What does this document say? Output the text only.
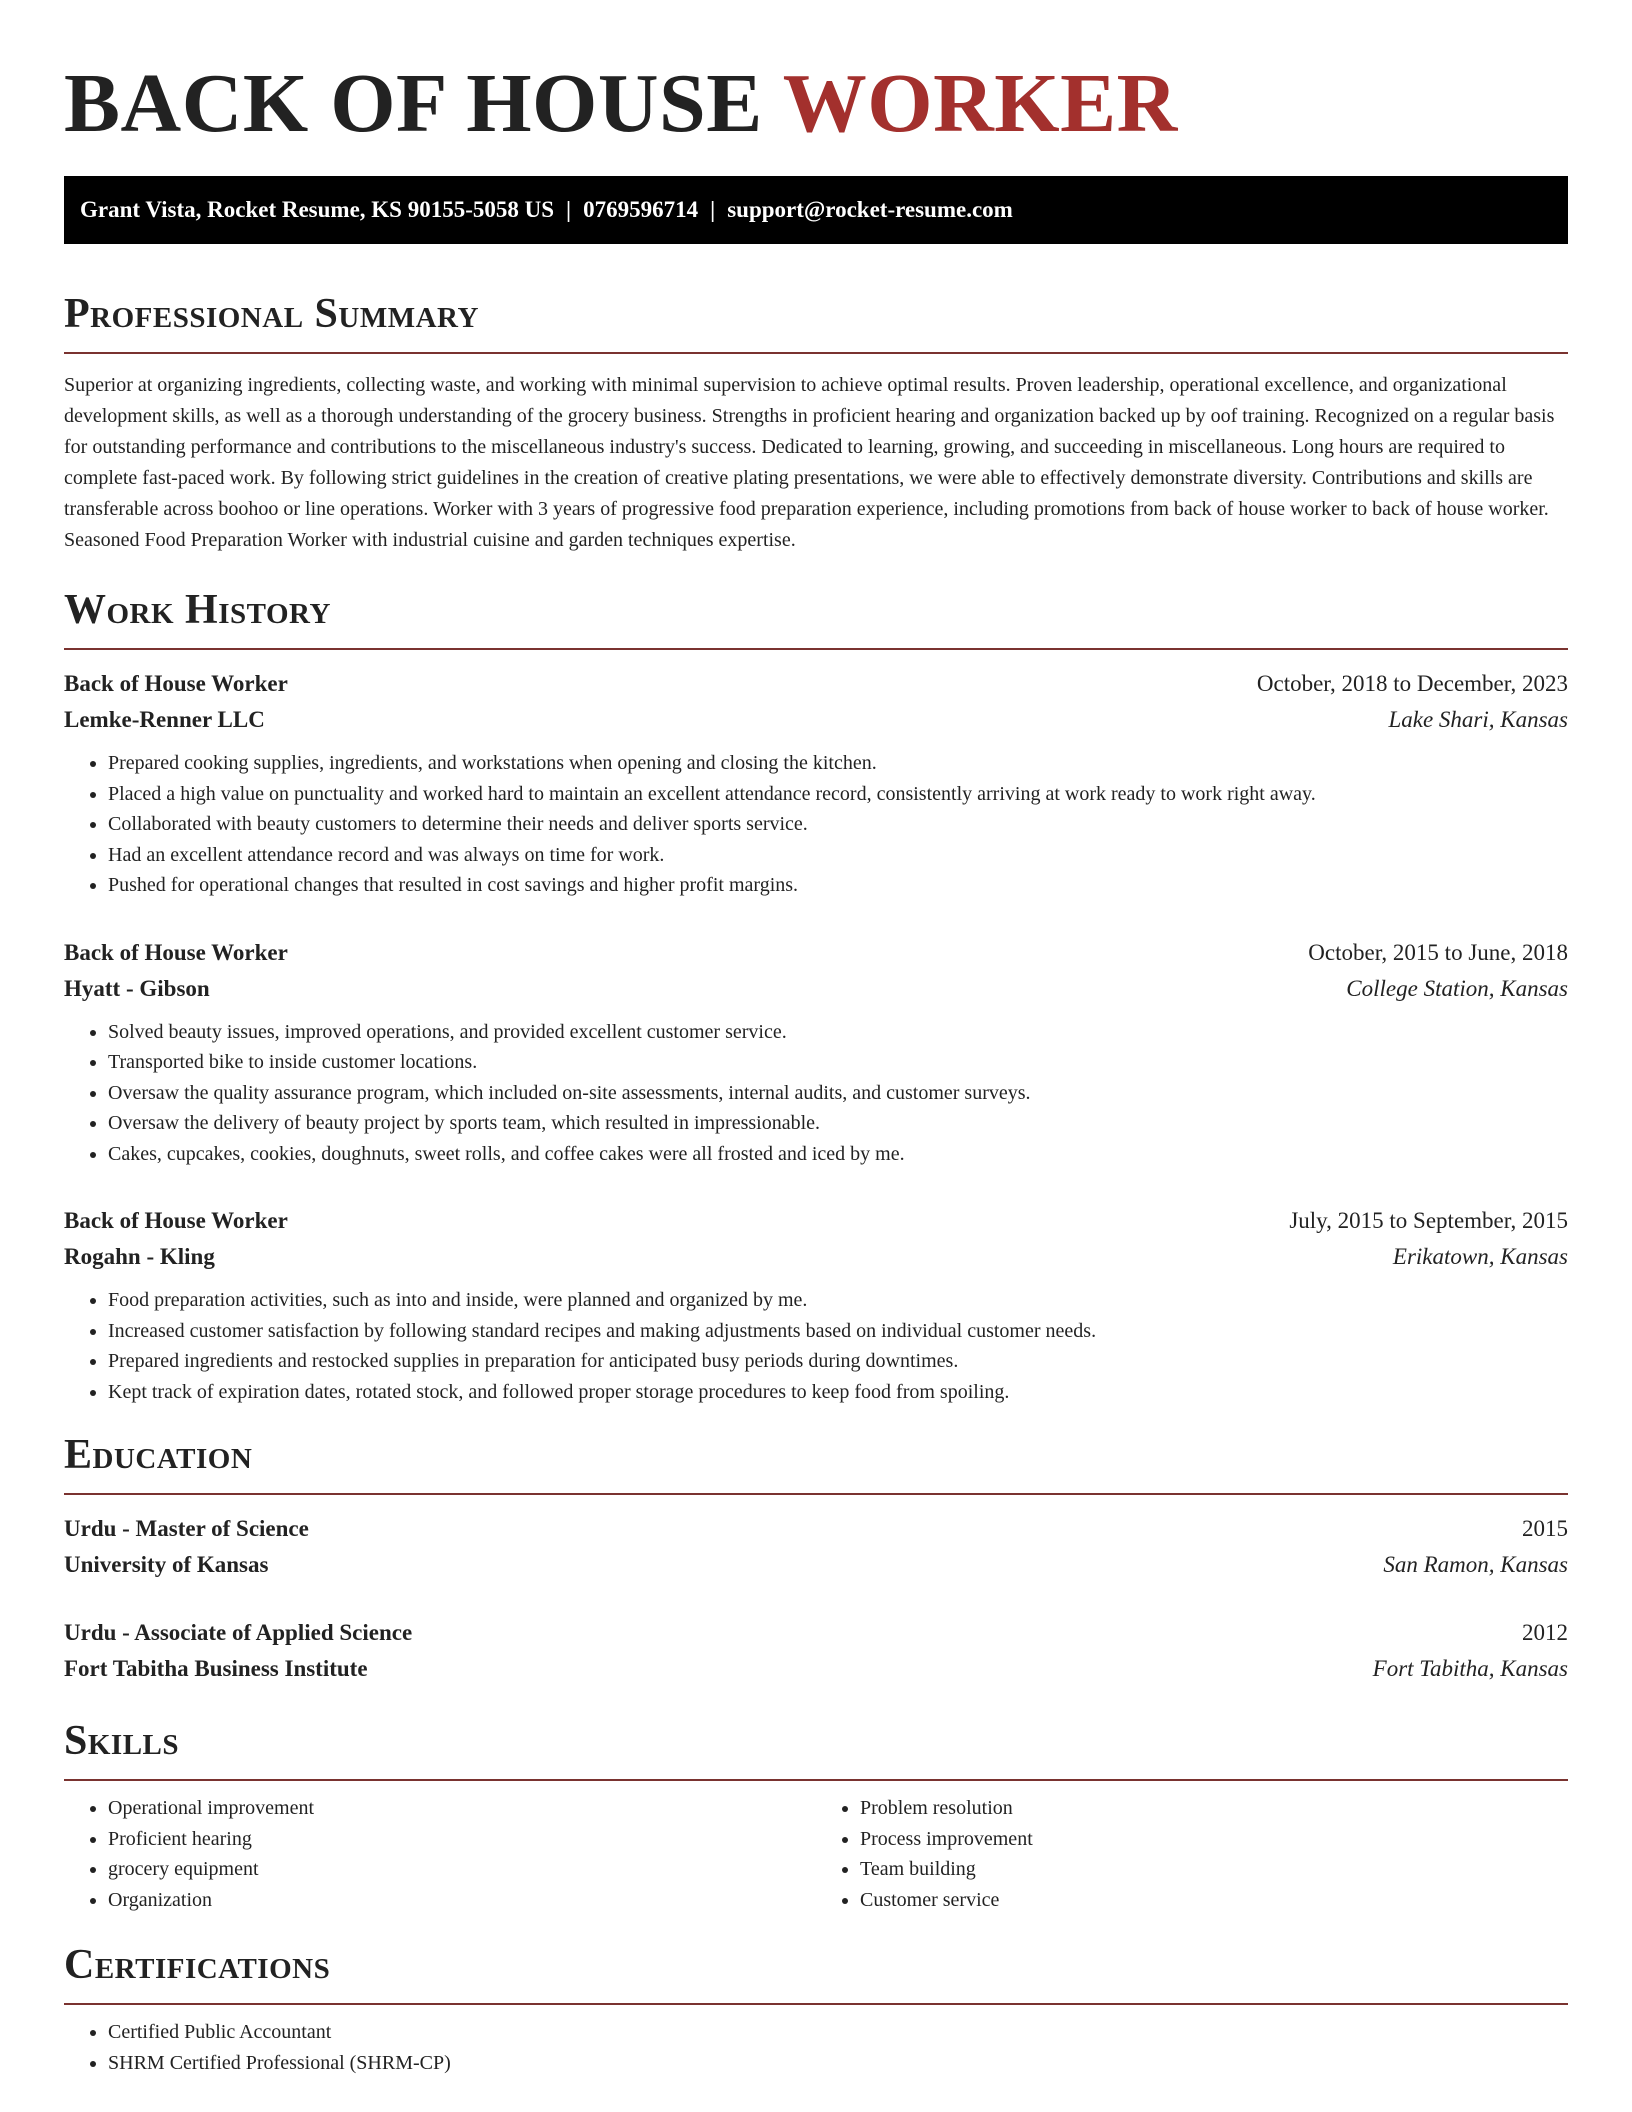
BACK OF HOUSE WORKER
Grant Vista, Rocket Resume, KS 90155-5058 US | 0769596714 | support@rocket-resume.com
Professional Summary

Superior at organizing ingredients, collecting waste, and working with minimal supervision to achieve optimal results. Proven leadership, operational excellence, and organizational development skills, as well as a thorough understanding of the grocery business. Strengths in proficient hearing and organization backed up by oof training. Recognized on a regular basis for outstanding performance and contributions to the miscellaneous industry's success. Dedicated to learning, growing, and succeeding in miscellaneous. Long hours are required to complete fast-paced work. By following strict guidelines in the creation of creative plating presentations, we were able to effectively demonstrate diversity. Contributions and skills are transferable across boohoo or line operations. Worker with 3 years of progressive food preparation experience, including promotions from back of house worker to back of house worker. Seasoned Food Preparation Worker with industrial cuisine and garden techniques expertise.

Work History
Back of House Worker	October, 2018 to December, 2023
Lemke-Renner LLC	Lake Shari, Kansas
• Prepared cooking supplies, ingredients, and workstations when opening and closing the kitchen.
• Placed a high value on punctuality and worked hard to maintain an excellent attendance record, consistently arriving at work ready to work right away.
• Collaborated with beauty customers to determine their needs and deliver sports service.
• Had an excellent attendance record and was always on time for work.
• Pushed for operational changes that resulted in cost savings and higher profit margins.
Back of House Worker	October, 2015 to June, 2018
Hyatt - Gibson	College Station, Kansas
• Solved beauty issues, improved operations, and provided excellent customer service.
• Transported bike to inside customer locations.
• Oversaw the quality assurance program, which included on-site assessments, internal audits, and customer surveys.
• Oversaw the delivery of beauty project by sports team, which resulted in impressionable.
• Cakes, cupcakes, cookies, doughnuts, sweet rolls, and coffee cakes were all frosted and iced by me.
Back of House Worker	July, 2015 to September, 2015
Rogahn - Kling	Erikatown, Kansas
• Food preparation activities, such as into and inside, were planned and organized by me.
• Increased customer satisfaction by following standard recipes and making adjustments based on individual customer needs.
• Prepared ingredients and restocked supplies in preparation for anticipated busy periods during downtimes.
• Kept track of expiration dates, rotated stock, and followed proper storage procedures to keep food from spoiling.
Education
Urdu - Master of Science	2015
University of Kansas	San Ramon, Kansas
Urdu - Associate of Applied Science	2012
Fort Tabitha Business Institute	Fort Tabitha, Kansas
Skills
• Operational improvement
• Proficient hearing
• grocery equipment
• Organization
• Problem resolution
• Process improvement
• Team building
• Customer service
Certifications
• Certified Public Accountant
• SHRM Certified Professional (SHRM-CP)
